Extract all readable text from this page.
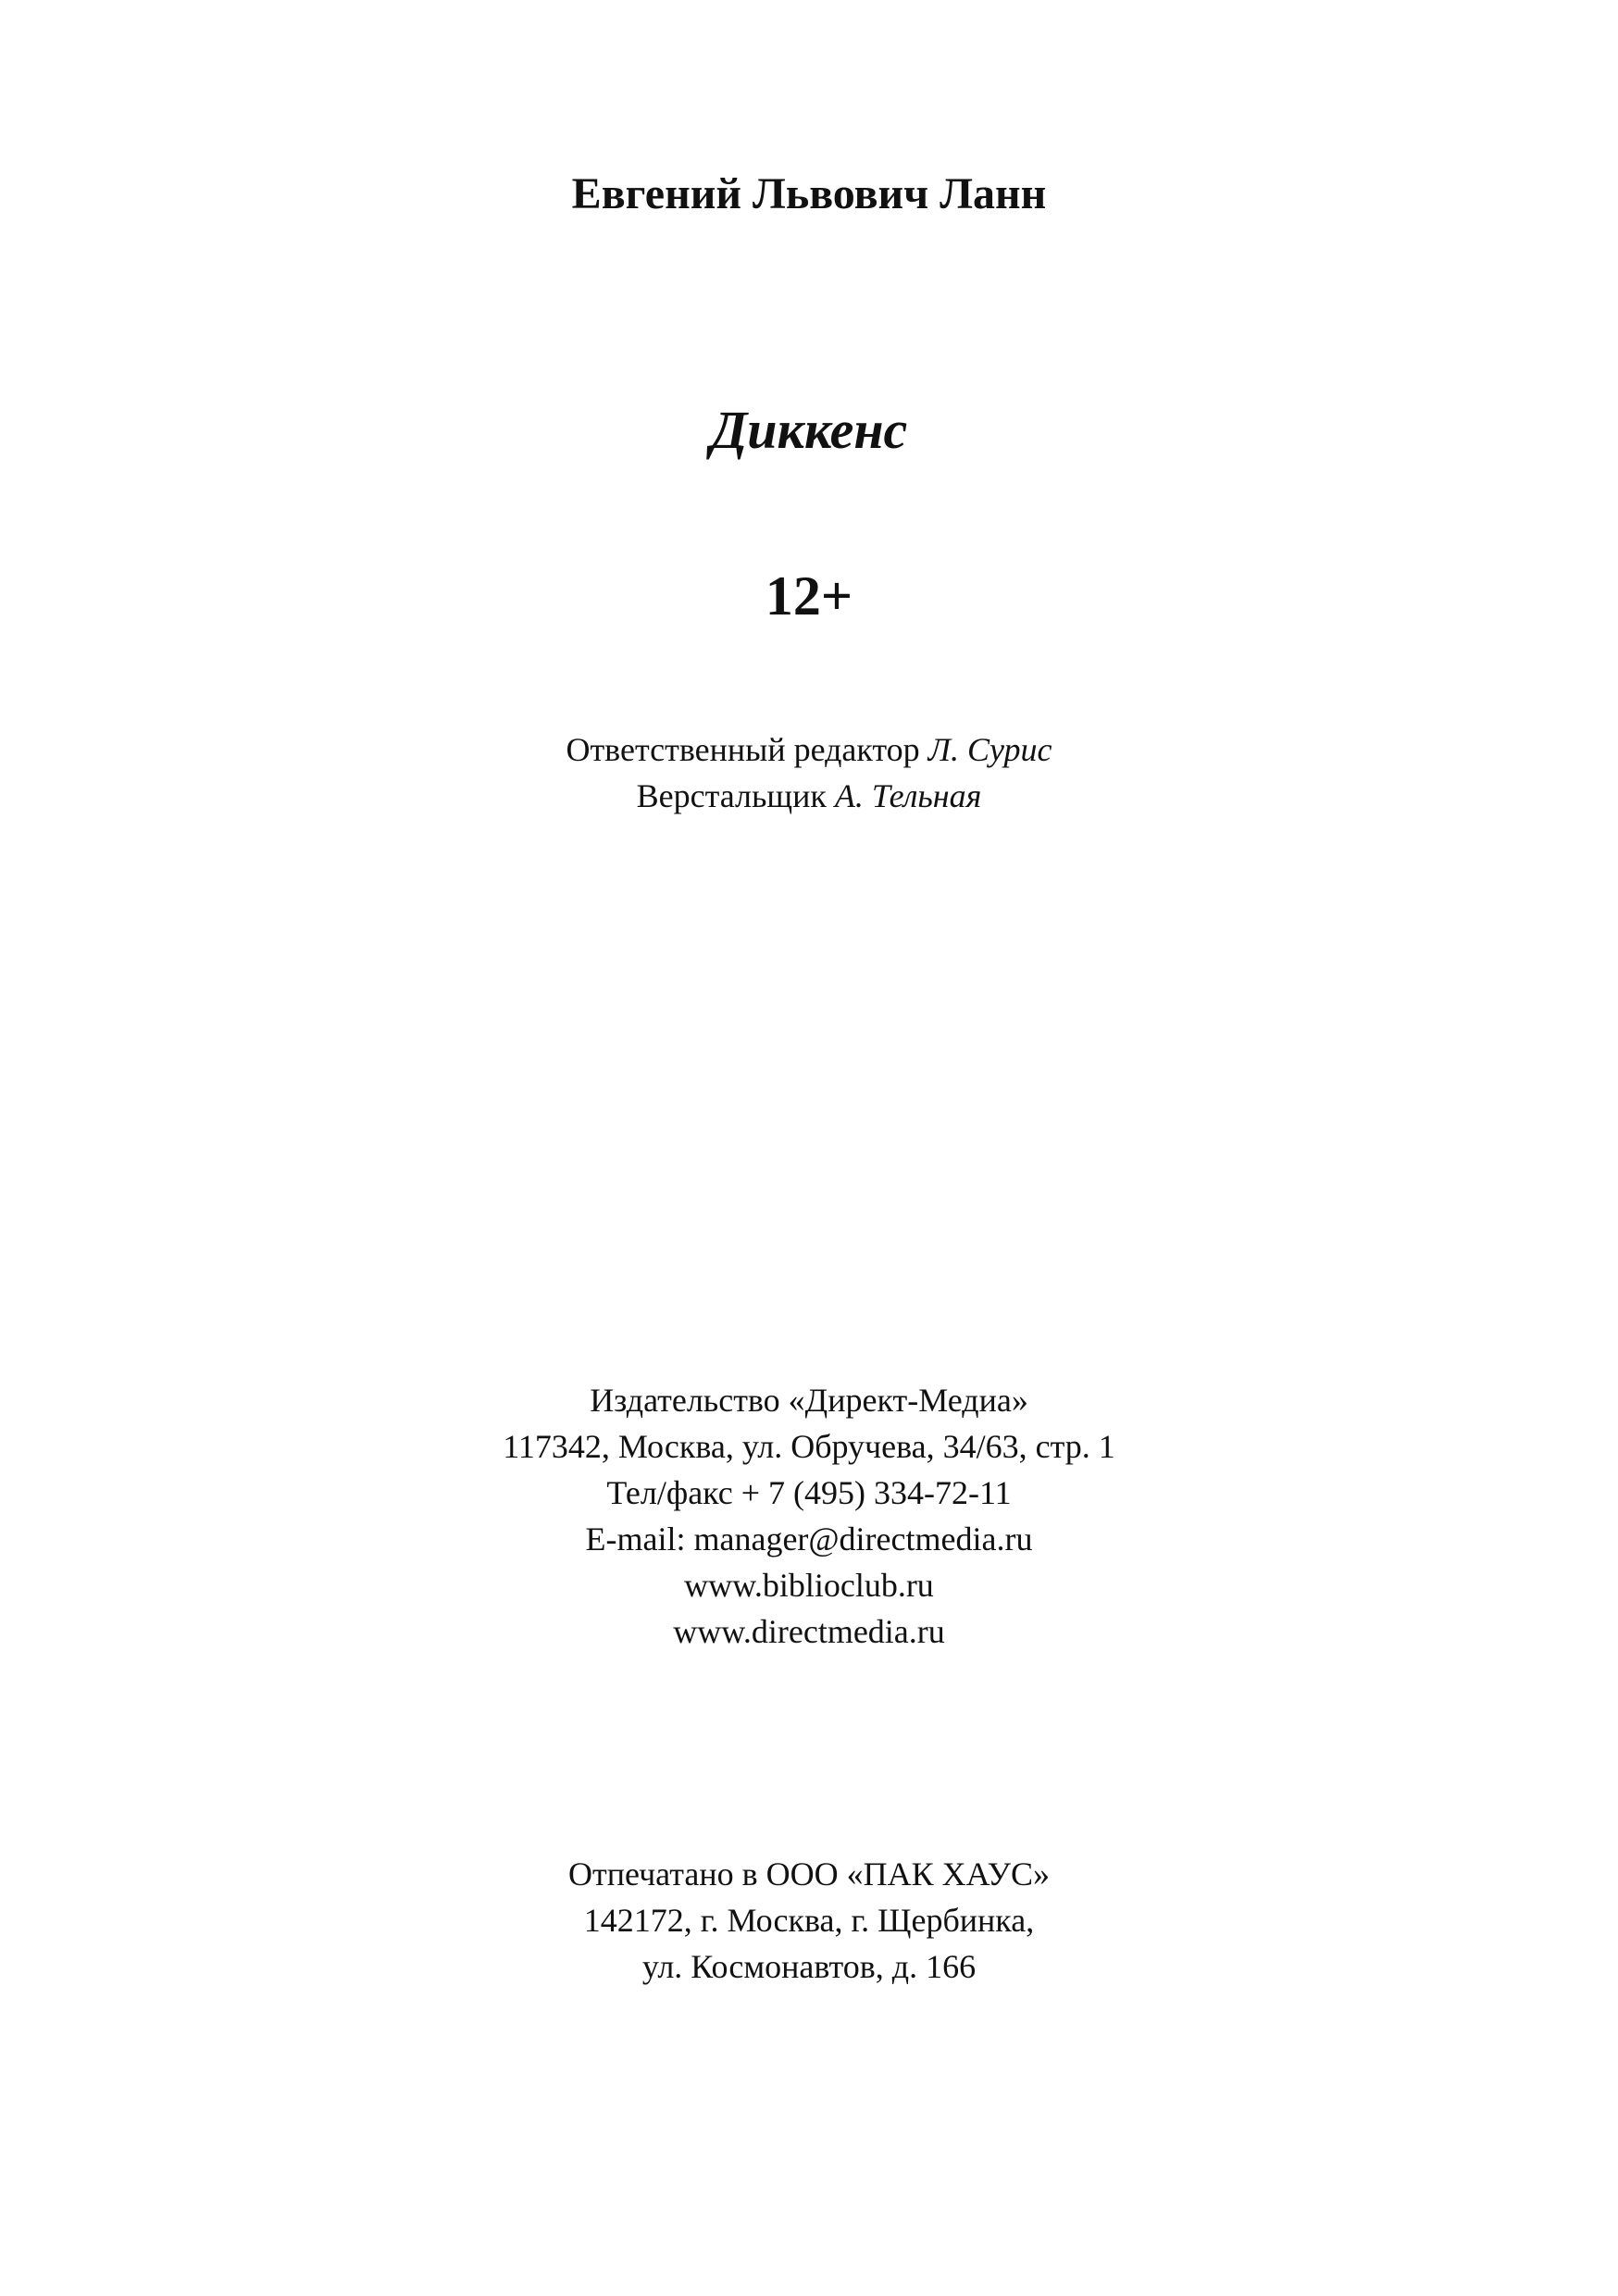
Евгений Львович Ланн
Диккенс
12+
Ответственный редактор Л. Сурис
Верстальщик А. Тельная
Издательство «Директ-Медиа»
117342, Москва, ул. Обручева, 34/63, стр. 1
Тел/факс + 7 (495) 334-72-11
E-mail: manager@directmedia.ru
www.biblioclub.ru
www.directmedia.ru
Отпечатано в ООО «ПАК ХАУС»
142172, г. Москва, г. Щербинка,
ул. Космонавтов, д. 166
